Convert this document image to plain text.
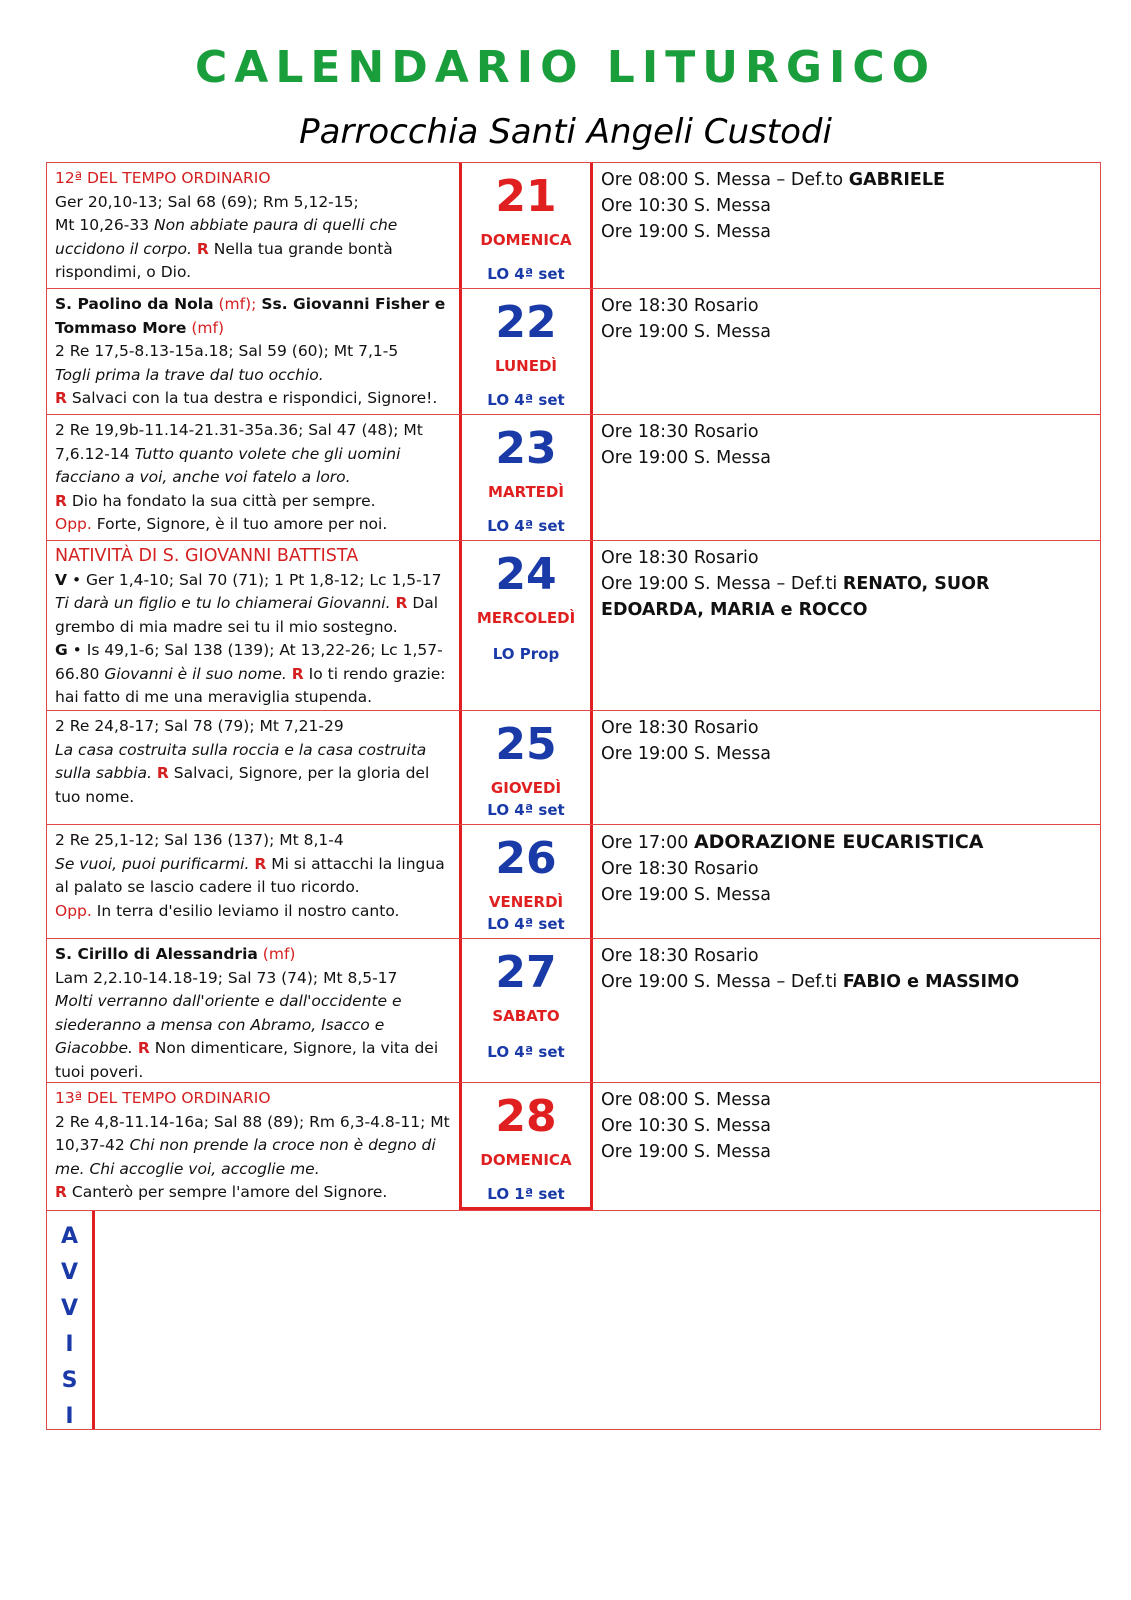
CALENDARIO LITURGICO
Parrocchia Santi Angeli Custodi
12ª DEL TEMPO ORDINARIO
Ger 20,10-13; Sal 68 (69); Rm 5,12-15;
Mt 10,26-33 Non abbiate paura di quelli che uccidono il corpo. R Nella tua grande bontà rispondimi, o Dio.
21
DOMENICA
LO 4ª set
Ore 08:00 S. Messa – Def.to GABRIELE
Ore 10:30 S. Messa
Ore 19:00 S. Messa
S. Paolino da Nola (mf); Ss. Giovanni Fisher e Tommaso More (mf)
2 Re 17,5-8.13-15a.18; Sal 59 (60); Mt 7,1-5
Togli prima la trave dal tuo occhio.
R Salvaci con la tua destra e rispondici, Signore!.
22
LUNEDÌ
LO 4ª set
Ore 18:30 Rosario
Ore 19:00 S. Messa
2 Re 19,9b-11.14-21.31-35a.36; Sal 47 (48); Mt 7,6.12-14 Tutto quanto volete che gli uomini facciano a voi, anche voi fatelo a loro.
R Dio ha fondato la sua città per sempre.
Opp. Forte, Signore, è il tuo amore per noi.
23
MARTEDÌ
LO 4ª set
Ore 18:30 Rosario
Ore 19:00 S. Messa
NATIVITÀ DI S. GIOVANNI BATTISTA
V • Ger 1,4-10; Sal 70 (71); 1 Pt 1,8-12; Lc 1,5-17
Ti darà un figlio e tu lo chiamerai Giovanni. R Dal grembo di mia madre sei tu il mio sostegno.
G • Is 49,1-6; Sal 138 (139); At 13,22-26; Lc 1,57-66.80 Giovanni è il suo nome. R Io ti rendo grazie: hai fatto di me una meraviglia stupenda.
24
MERCOLEDÌ
LO Prop
Ore 18:30 Rosario
Ore 19:00 S. Messa – Def.ti RENATO, SUOR EDOARDA, MARIA e ROCCO
2 Re 24,8-17; Sal 78 (79); Mt 7,21-29
La casa costruita sulla roccia e la casa costruita sulla sabbia. R Salvaci, Signore, per la gloria del tuo nome.
25
GIOVEDÌ
LO 4ª set
Ore 18:30 Rosario
Ore 19:00 S. Messa
2 Re 25,1-12; Sal 136 (137); Mt 8,1-4
Se vuoi, puoi purificarmi. R Mi si attacchi la lingua al palato se lascio cadere il tuo ricordo.
Opp. In terra d'esilio leviamo il nostro canto.
26
VENERDÌ
LO 4ª set
Ore 17:00 ADORAZIONE EUCARISTICA
Ore 18:30 Rosario
Ore 19:00 S. Messa
S. Cirillo di Alessandria (mf)
Lam 2,2.10-14.18-19; Sal 73 (74); Mt 8,5-17
Molti verranno dall'oriente e dall'occidente e siederanno a mensa con Abramo, Isacco e Giacobbe. R Non dimenticare, Signore, la vita dei tuoi poveri.
27
SABATO
LO 4ª set
Ore 18:30 Rosario
Ore 19:00 S. Messa – Def.ti FABIO e MASSIMO
13ª DEL TEMPO ORDINARIO
2 Re 4,8-11.14-16a; Sal 88 (89); Rm 6,3-4.8-11; Mt 10,37-42 Chi non prende la croce non è degno di me. Chi accoglie voi, accoglie me.
R Canterò per sempre l'amore del Signore.
28
DOMENICA
LO 1ª set
Ore 08:00 S. Messa
Ore 10:30 S. Messa
Ore 19:00 S. Messa
A
V
V
I
S
I
